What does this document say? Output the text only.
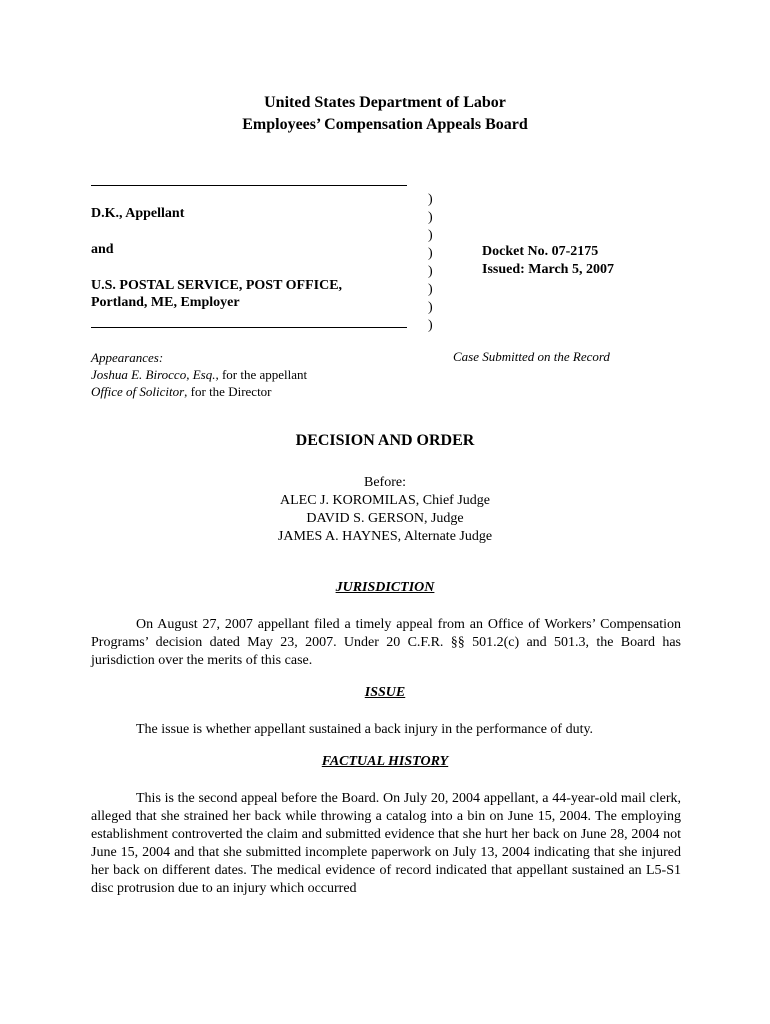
United States Department of Labor
Employees’ Compensation Appeals Board
D.K., Appellant
and
U.S. POSTAL SERVICE, POST OFFICE,
Portland, ME, Employer
)
)
)
)
)
)
)
)
Docket No. 07-2175
Issued: March 5, 2007
Appearances:
Joshua E. Birocco, Esq., for the appellant
Office of Solicitor, for the Director
Case Submitted on the Record
DECISION AND ORDER
Before:
ALEC J. KOROMILAS, Chief Judge
DAVID S. GERSON, Judge
JAMES A. HAYNES, Alternate Judge
JURISDICTION
On August 27, 2007 appellant filed a timely appeal from an Office of Workers’ Compensation Programs’ decision dated May 23, 2007. Under 20 C.F.R. §§ 501.2(c) and 501.3, the Board has jurisdiction over the merits of this case.
ISSUE
The issue is whether appellant sustained a back injury in the performance of duty.
FACTUAL HISTORY
This is the second appeal before the Board. On July 20, 2004 appellant, a 44-year-old mail clerk, alleged that she strained her back while throwing a catalog into a bin on June 15, 2004. The employing establishment controverted the claim and submitted evidence that she hurt her back on June 28, 2004 not June 15, 2004 and that she submitted incomplete paperwork on July 13, 2004 indicating that she injured her back on different dates. The medical evidence of record indicated that appellant sustained an L5-S1 disc protrusion due to an injury which occurred
